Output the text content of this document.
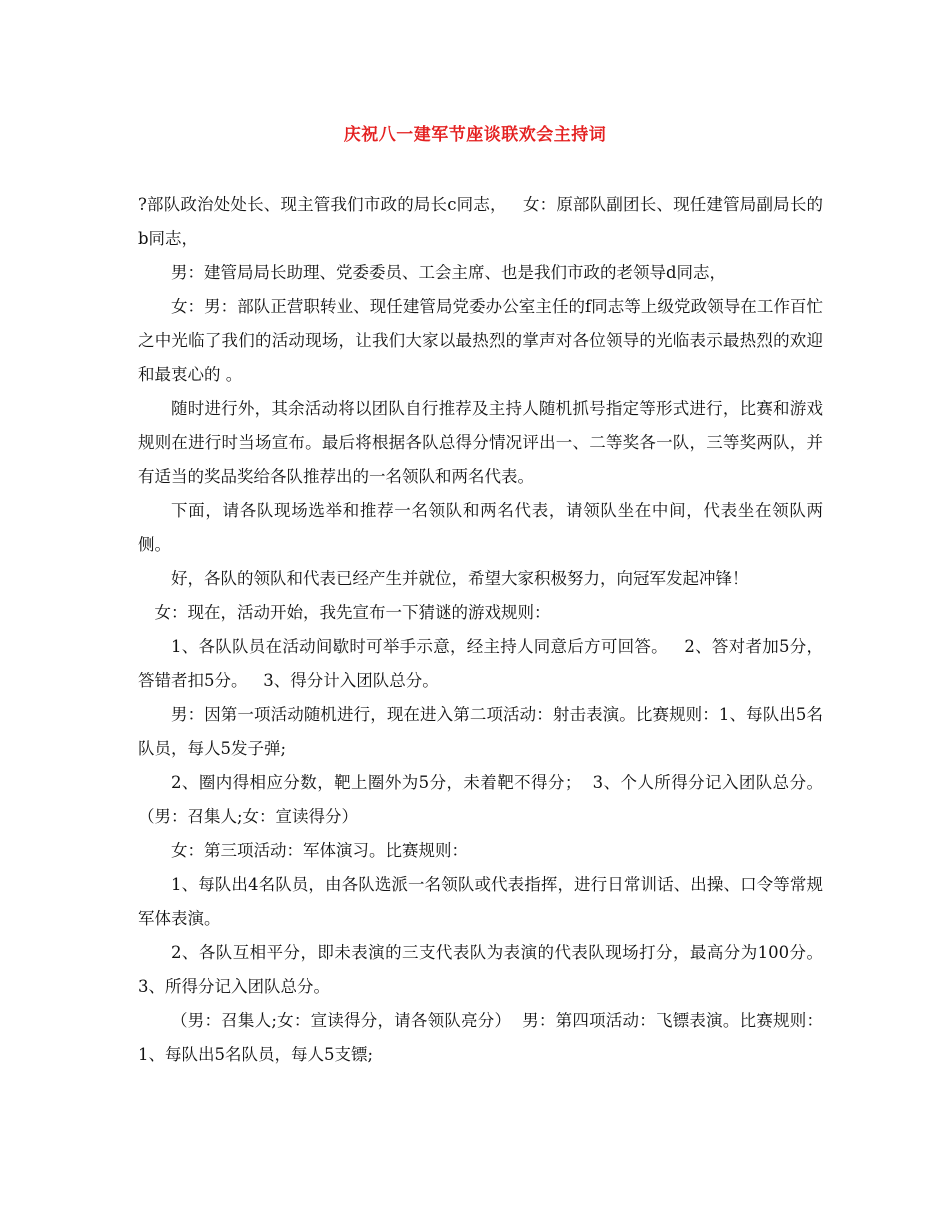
庆祝八一建军节座谈联欢会主持词

?部队政治处处长、现主管我们市政的局长c同志，   女：原部队副团长、现任建管局副局长的b同志，

男：建管局局长助理、党委委员、工会主席、也是我们市政的老领导d同志，

女：男：部队正营职转业、现任建管局党委办公室主任的f同志等上级党政领导在工作百忙之中光临了我们的活动现场，让我们大家以最热烈的掌声对各位领导的光临表示最热烈的欢迎和最衷心的 。

随时进行外，其余活动将以团队自行推荐及主持人随机抓号指定等形式进行，比赛和游戏规则在进行时当场宣布。最后将根据各队总得分情况评出一、二等奖各一队，三等奖两队，并有适当的奖品奖给各队推荐出的一名领队和两名代表。

下面，请各队现场选举和推荐一名领队和两名代表，请领队坐在中间，代表坐在领队两侧。

好，各队的领队和代表已经产生并就位，希望大家积极努力，向冠军发起冲锋！

女：现在，活动开始，我先宣布一下猜谜的游戏规则：

1、各队队员在活动间歇时可举手示意，经主持人同意后方可回答。   2、答对者加5分，答错者扣5分。   3、得分计入团队总分。

男：因第一项活动随机进行，现在进入第二项活动：射击表演。比赛规则：1、每队出5名队员，每人5发子弹;

2、圈内得相应分数，靶上圈外为5分，未着靶不得分；  3、个人所得分记入团队总分。  （男：召集人;女：宣读得分）

女：第三项活动：军体演习。比赛规则：

1、每队出4名队员，由各队选派一名领队或代表指挥，进行日常训话、出操、口令等常规军体表演。

2、各队互相平分，即未表演的三支代表队为表演的代表队现场打分，最高分为100分。  3、所得分记入团队总分。

（男：召集人;女：宣读得分，请各领队亮分）  男：第四项活动：飞镖表演。比赛规则：   1、每队出5名队员，每人5支镖;
